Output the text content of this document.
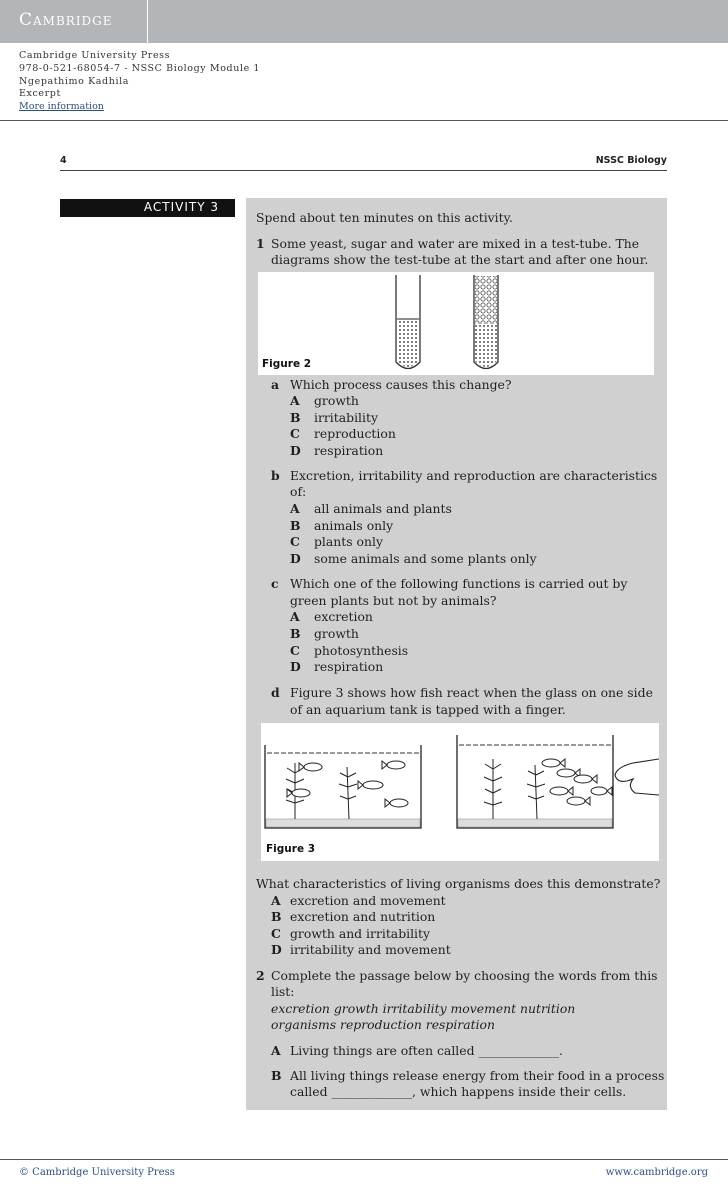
Cambridge
Cambridge University Press
978-0-521-68054-7 - NSSC Biology Module 1
Ngepathimo Kadhila
Excerpt
More information
4	NSSC Biology
ACTIVITY 3
Spend about ten minutes on this activity.
1 Some yeast, sugar and water are mixed in a test-tube. The
diagrams show the test-tube at the start and after one hour.
Figure 2
a Which process causes this change?
A growth
B irritability
C reproduction
D respiration
b Excretion, irritability and reproduction are characteristics
of:
A all animals and plants
B animals only
C plants only
D some animals and some plants only
c Which one of the following functions is carried out by
green plants but not by animals?
A excretion
B growth
C photosynthesis
D respiration
d Figure 3 shows how fish react when the glass on one side
of an aquarium tank is tapped with a finger.
Figure 3
What characteristics of living organisms does this demonstrate?
A excretion and movement
B excretion and nutrition
C growth and irritability
D irritability and movement
2 Complete the passage below by choosing the words from this
list:
excretion growth irritability movement nutrition
organisms reproduction respiration
A Living things are often called _____________.
B All living things release energy from their food in a process
called _____________, which happens inside their cells.
© Cambridge University Press	www.cambridge.org
